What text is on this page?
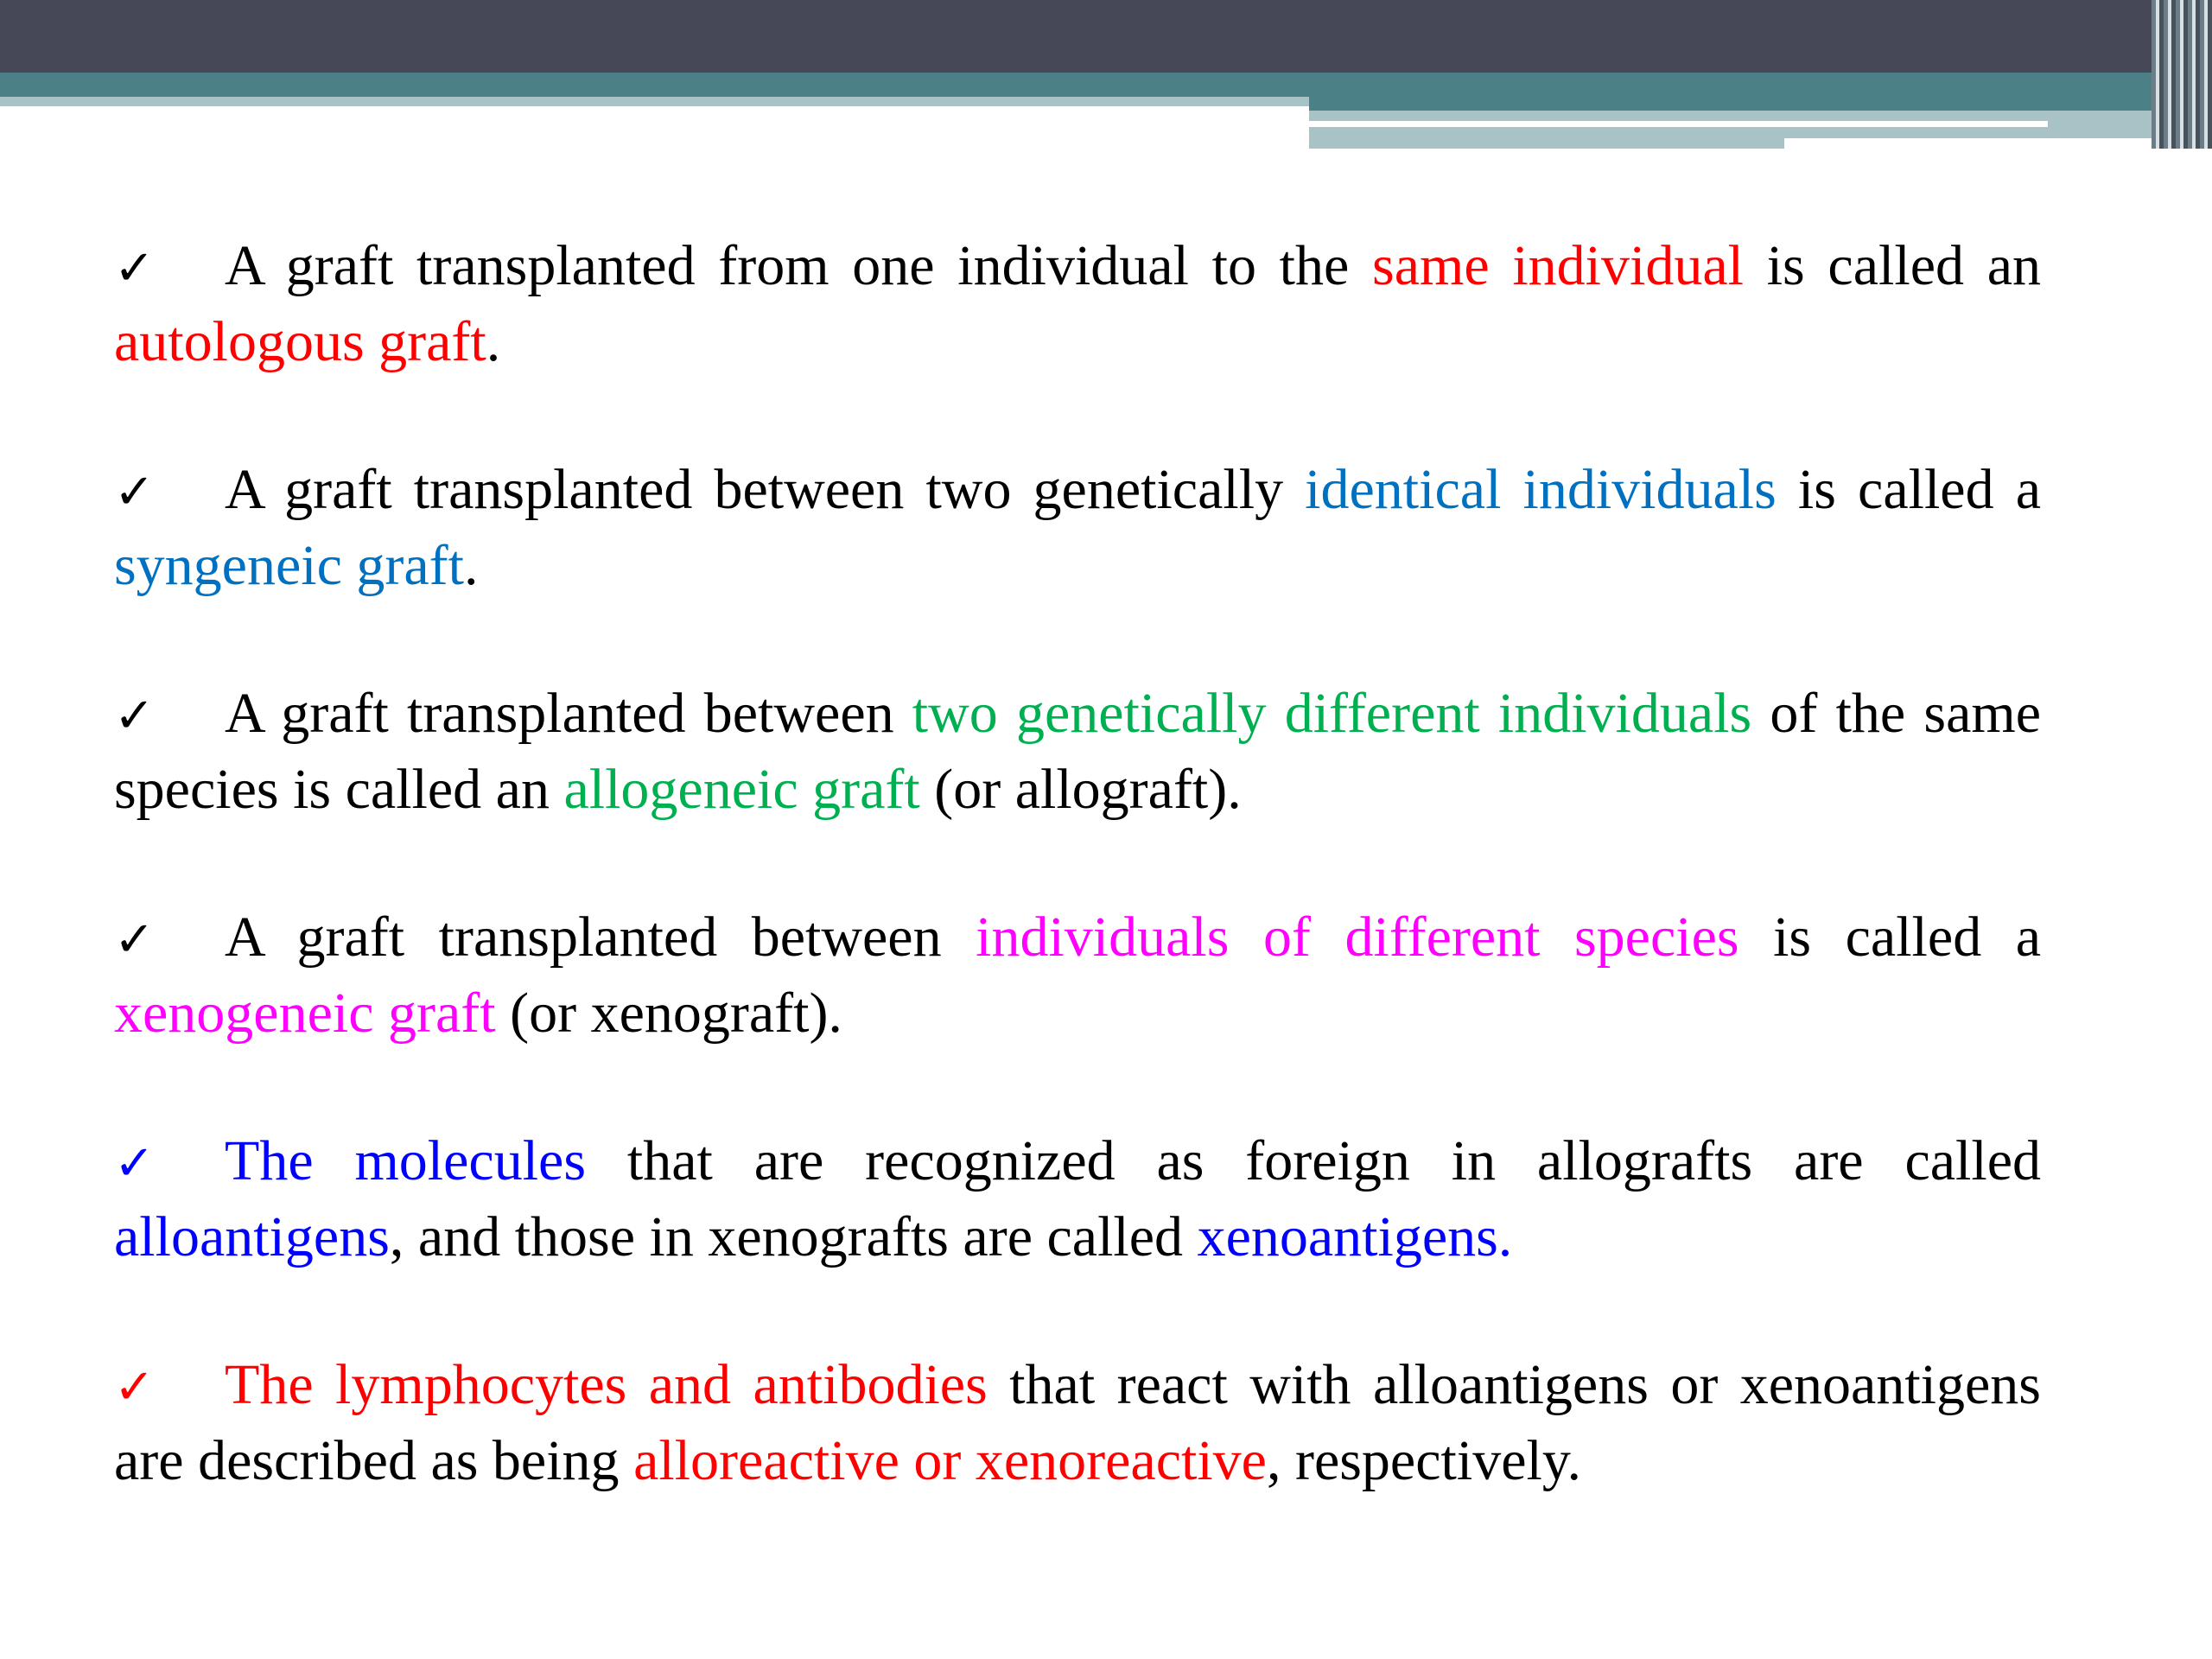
✓ A graft transplanted from one individual to the same individual is called an autologous graft.

✓ A graft transplanted between two genetically identical individuals is called a syngeneic graft.

✓ A graft transplanted between two genetically different individuals of the same species is called an allogeneic graft (or allograft).

✓ A graft transplanted between individuals of different species is called a xenogeneic graft (or xenograft).

✓ The molecules that are recognized as foreign in allografts are called alloantigens, and those in xenografts are called xenoantigens.

✓ The lymphocytes and antibodies that react with alloantigens or xenoantigens are described as being alloreactive or xenoreactive, respectively.
